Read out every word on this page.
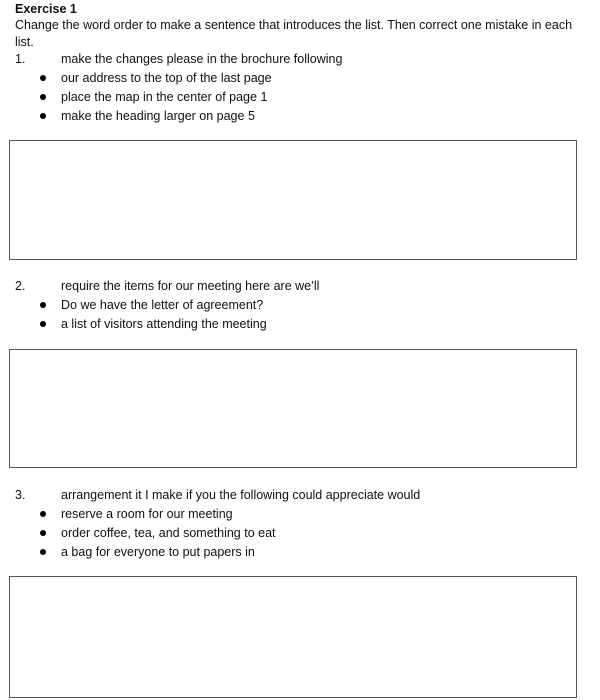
Exercise 1
Change the word order to make a sentence that introduces the list. Then correct one mistake in each list.
1.	make the changes please in the brochure following
our address to the top of the last page
place the map in the center of page 1
make the heading larger on page 5
2.	require the items for our meeting here are we’ll
Do we have the letter of agreement?
a list of visitors attending the meeting
3.	arrangement it I make if you the following could appreciate would
reserve a room for our meeting
order coffee, tea, and something to eat
a bag for everyone to put papers in
